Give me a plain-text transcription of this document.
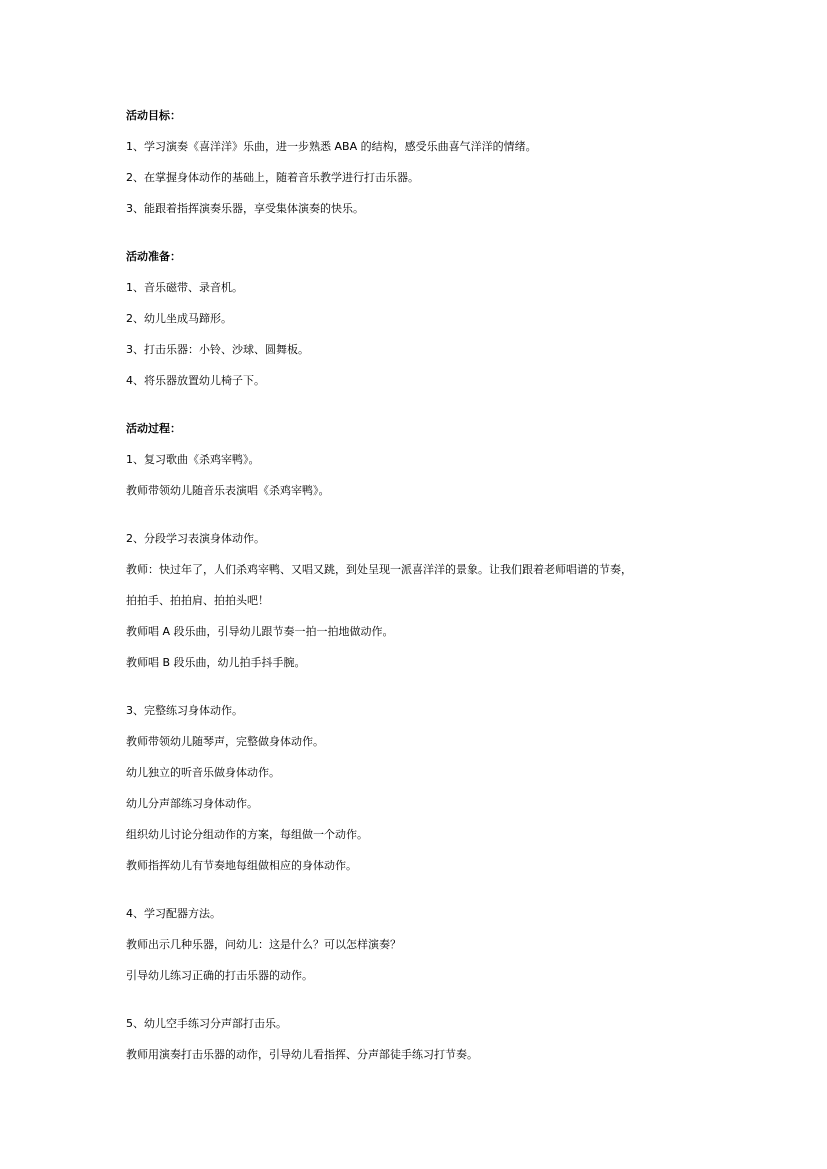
活动目标：

1、学习演奏《喜洋洋》乐曲，进一步熟悉 ABA 的结构，感受乐曲喜气洋洋的情绪。

2、在掌握身体动作的基础上，随着音乐教学进行打击乐器。

3、能跟着指挥演奏乐器，享受集体演奏的快乐。

活动准备：

1、音乐磁带、录音机。

2、幼儿坐成马蹄形。

3、打击乐器：小铃、沙球、圆舞板。

4、将乐器放置幼儿椅子下。

活动过程：

1、复习歌曲《杀鸡宰鸭》。

教师带领幼儿随音乐表演唱《杀鸡宰鸭》。

2、分段学习表演身体动作。

教师：快过年了，人们杀鸡宰鸭、又唱又跳，到处呈现一派喜洋洋的景象。让我们跟着老师唱谱的节奏，

拍拍手、拍拍肩、拍拍头吧！

教师唱 A 段乐曲，引导幼儿跟节奏一拍一拍地做动作。

教师唱 B 段乐曲，幼儿拍手抖手腕。

3、完整练习身体动作。

教师带领幼儿随琴声，完整做身体动作。

幼儿独立的听音乐做身体动作。

幼儿分声部练习身体动作。

组织幼儿讨论分组动作的方案，每组做一个动作。

教师指挥幼儿有节奏地每组做相应的身体动作。

4、学习配器方法。

教师出示几种乐器，问幼儿：这是什么？可以怎样演奏？

引导幼儿练习正确的打击乐器的动作。

5、幼儿空手练习分声部打击乐。

教师用演奏打击乐器的动作，引导幼儿看指挥、分声部徒手练习打节奏。
